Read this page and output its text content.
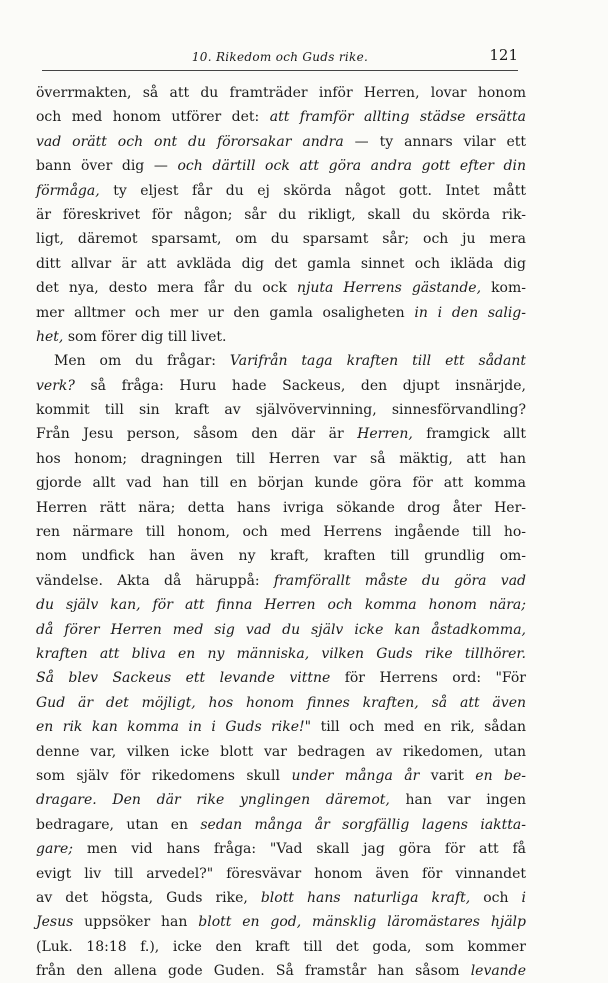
10. Rikedom och Guds rike.	121
överrmakten, så att du framträder inför Herren, lovar honom
och med honom utförer det: att framför allting städse ersätta
vad orätt och ont du förorsakar andra — ty annars vilar ett
bann över dig — och därtill ock att göra andra gott efter din
förmåga, ty eljest får du ej skörda något gott. Intet mått
är föreskrivet för någon; sår du rikligt, skall du skörda rik-
ligt, däremot sparsamt, om du sparsamt sår; och ju mera
ditt allvar är att avkläda dig det gamla sinnet och ikläda dig
det nya, desto mera får du ock njuta Herrens gästande, kom-
mer alltmer och mer ur den gamla osaligheten in i den salig-
het, som förer dig till livet.
Men om du frågar: Varifrån taga kraften till ett sådant
verk? så fråga: Huru hade Sackeus, den djupt insnärjde,
kommit till sin kraft av självövervinning, sinnesförvandling?
Från Jesu person, såsom den där är Herren, framgick allt
hos honom; dragningen till Herren var så mäktig, att han
gjorde allt vad han till en början kunde göra för att komma
Herren rätt nära; detta hans ivriga sökande drog åter Her-
ren närmare till honom, och med Herrens ingående till ho-
nom undfick han även ny kraft, kraften till grundlig om-
vändelse. Akta då häruppå: framförallt måste du göra vad
du själv kan, för att finna Herren och komma honom nära;
då förer Herren med sig vad du själv icke kan åstadkomma,
kraften att bliva en ny människa, vilken Guds rike tillhörer.
Så blev Sackeus ett levande vittne för Herrens ord: "För
Gud är det möjligt, hos honom finnes kraften, så att även
en rik kan komma in i Guds rike!" till och med en rik, sådan
denne var, vilken icke blott var bedragen av rikedomen, utan
som själv för rikedomens skull under många år varit en be-
dragare. Den där rike ynglingen däremot, han var ingen
bedragare, utan en sedan många år sorgfällig lagens iaktta-
gare; men vid hans fråga: "Vad skall jag göra för att få
evigt liv till arvedel?" föresvävar honom även för vinnandet
av det högsta, Guds rike, blott hans naturliga kraft, och i
Jesus uppsöker han blott en god, mänsklig läromästares hjälp
(Luk. 18:18 f.), icke den kraft till det goda, som kommer
från den allena gode Guden. Så framstår han såsom levande
